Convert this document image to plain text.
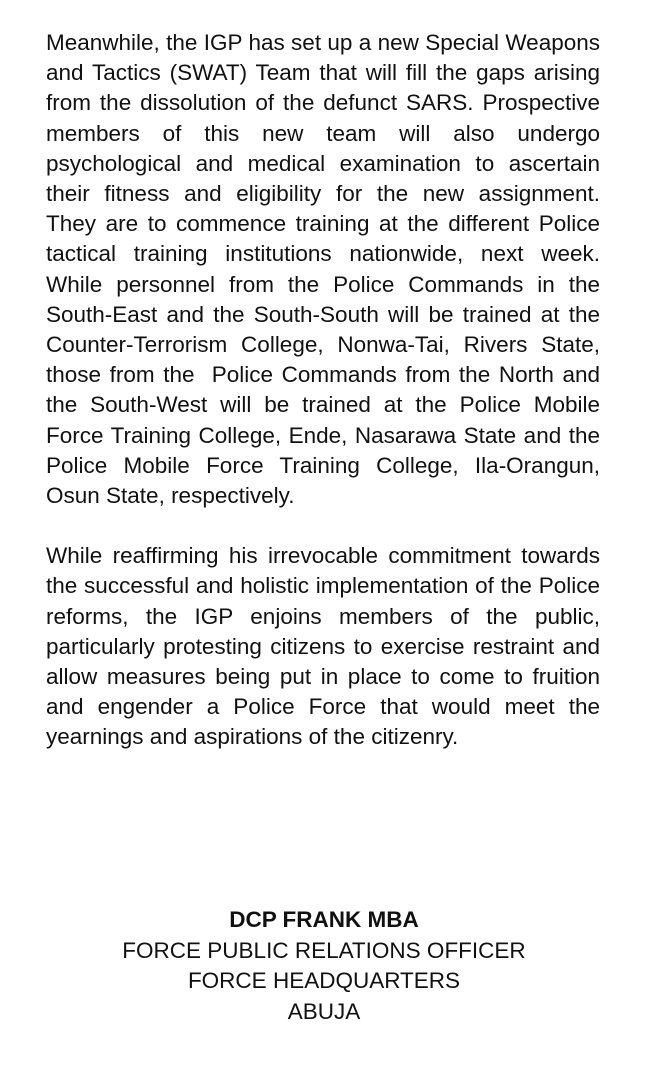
Meanwhile, the IGP has set up a new Special Weapons and Tactics (SWAT) Team that will fill the gaps arising from the dissolution of the defunct SARS. Prospective members of this new team will also undergo psychological and medical examination to ascertain their fitness and eligibility for the new assignment.  They are to commence training at the different Police tactical training institutions nationwide, next week. While personnel from the Police Commands in the South-East and the South-South will be trained at the Counter-Terrorism College, Nonwa-Tai, Rivers State, those from the  Police Commands from the North and the South-West will be trained at the Police Mobile Force Training College, Ende, Nasarawa State and the Police Mobile Force Training College, Ila-Orangun, Osun State, respectively.

While reaffirming his irrevocable commitment towards the successful and holistic implementation of the Police reforms, the IGP enjoins members of the public, particularly protesting citizens to exercise restraint and allow measures being put in place to come to fruition and engender a Police Force that would meet the yearnings and aspirations of the citizenry.

DCP FRANK MBA
FORCE PUBLIC RELATIONS OFFICER
FORCE HEADQUARTERS
ABUJA
